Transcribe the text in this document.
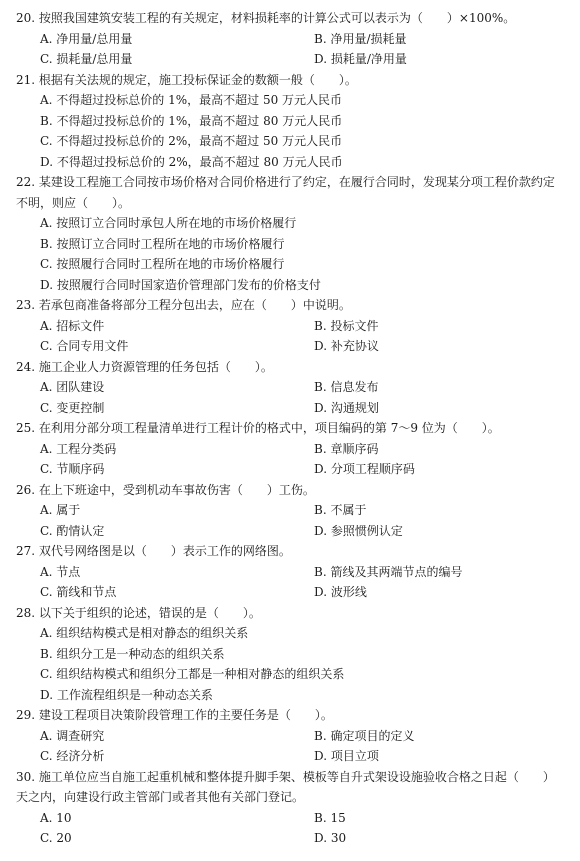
20. 按照我国建筑安装工程的有关规定，材料损耗率的计算公式可以表示为（　　）×100%。
A. 净用量/总用量	B. 净用量/损耗量
C. 损耗量/总用量	D. 损耗量/净用量
21. 根据有关法规的规定，施工投标保证金的数额一般（　　）。
A. 不得超过投标总价的 1%，最高不超过 50 万元人民币
B. 不得超过投标总价的 1%，最高不超过 80 万元人民币
C. 不得超过投标总价的 2%，最高不超过 50 万元人民币
D. 不得超过投标总价的 2%，最高不超过 80 万元人民币
22. 某建设工程施工合同按市场价格对合同价格进行了约定，在履行合同时，发现某分项工程价款约定不明，则应（　　）。
A. 按照订立合同时承包人所在地的市场价格履行
B. 按照订立合同时工程所在地的市场价格履行
C. 按照履行合同时工程所在地的市场价格履行
D. 按照履行合同时国家造价管理部门发布的价格支付
23. 若承包商准备将部分工程分包出去，应在（　　）中说明。
A. 招标文件	B. 投标文件
C. 合同专用文件	D. 补充协议
24. 施工企业人力资源管理的任务包括（　　）。
A. 团队建设	B. 信息发布
C. 变更控制	D. 沟通规划
25. 在利用分部分项工程量清单进行工程计价的格式中，项目编码的第 7～9 位为（　　）。
A. 工程分类码	B. 章顺序码
C. 节顺序码	D. 分项工程顺序码
26. 在上下班途中，受到机动车事故伤害（　　）工伤。
A. 属于	B. 不属于
C. 酌情认定	D. 参照惯例认定
27. 双代号网络图是以（　　）表示工作的网络图。
A. 节点	B. 箭线及其两端节点的编号
C. 箭线和节点	D. 波形线
28. 以下关于组织的论述，错误的是（　　）。
A. 组织结构模式是相对静态的组织关系
B. 组织分工是一种动态的组织关系
C. 组织结构模式和组织分工都是一种相对静态的组织关系
D. 工作流程组织是一种动态关系
29. 建设工程项目决策阶段管理工作的主要任务是（　　）。
A. 调查研究	B. 确定项目的定义
C. 经济分析	D. 项目立项
30. 施工单位应当自施工起重机械和整体提升脚手架、模板等自升式架设设施验收合格之日起（　　）天之内，向建设行政主管部门或者其他有关部门登记。
A. 10	B. 15
C. 20	D. 30
